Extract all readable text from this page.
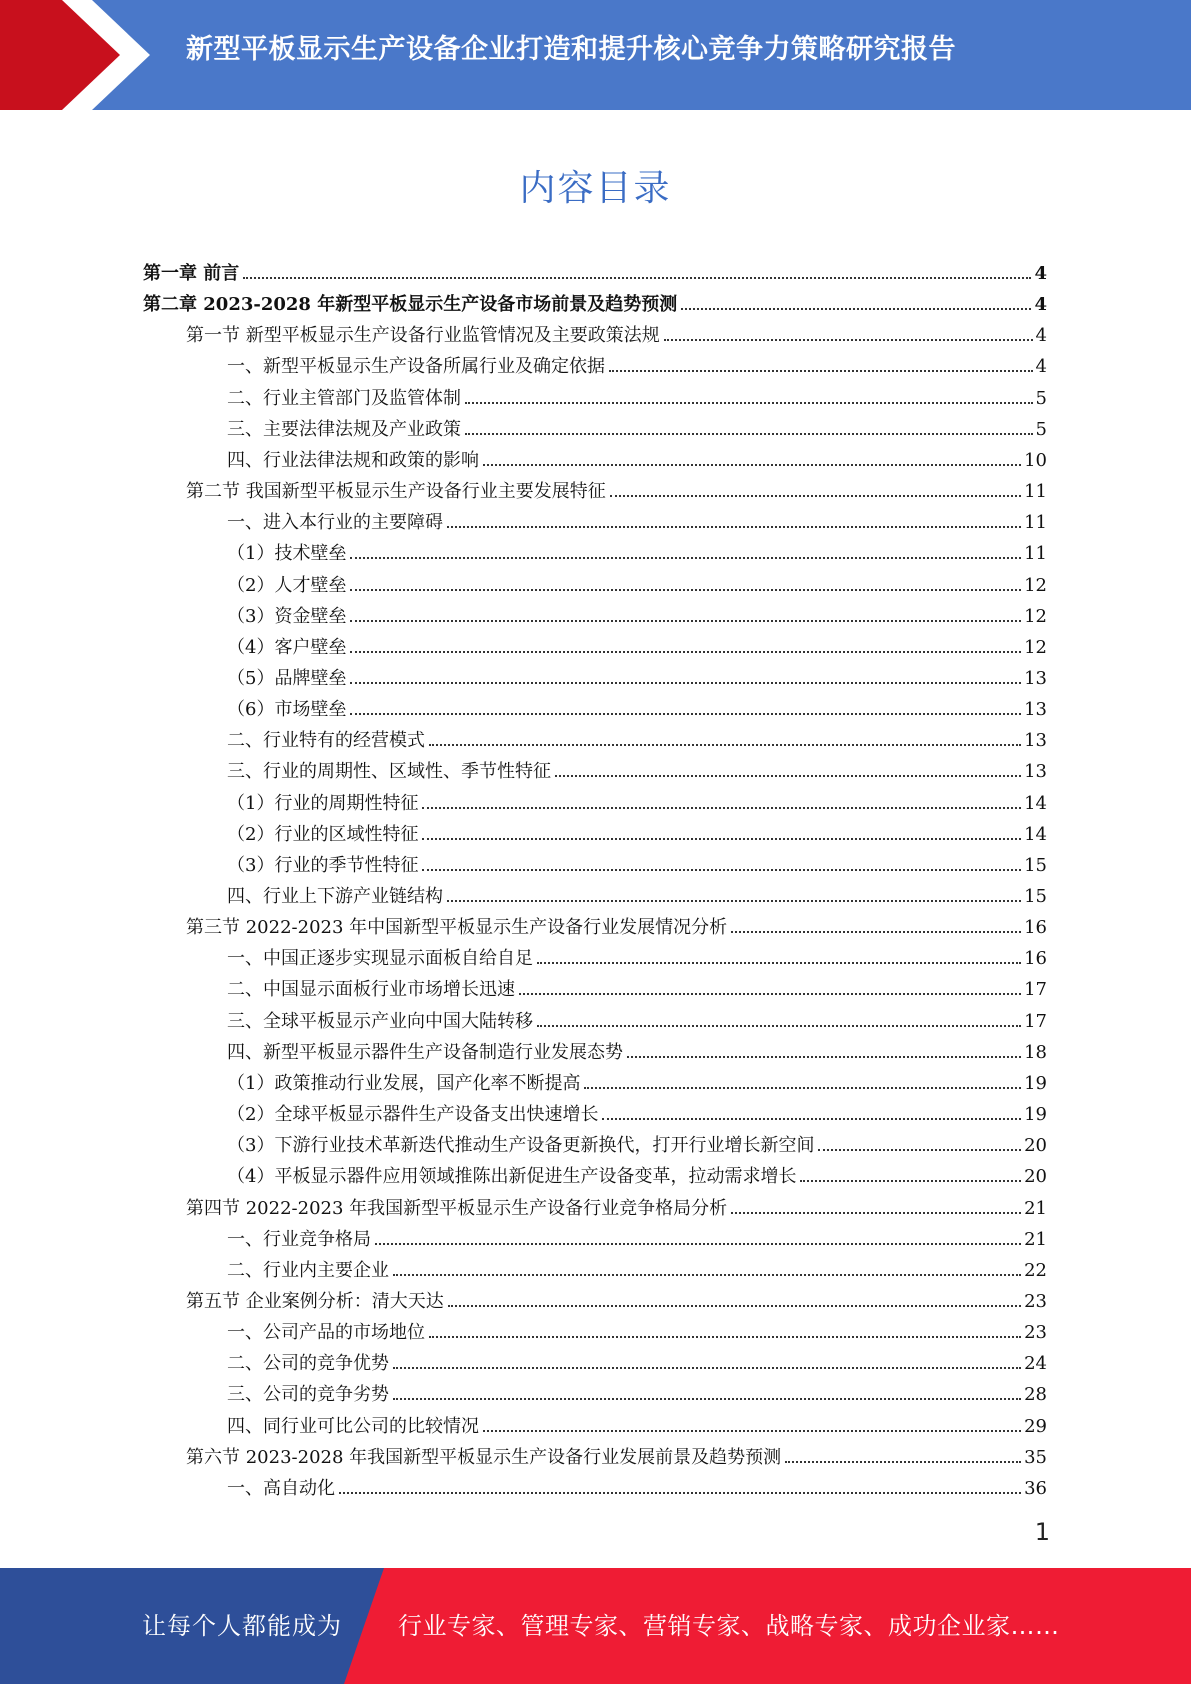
新型平板显示生产设备企业打造和提升核心竞争力策略研究报告
内容目录
第一章 前言	4
第二章 2023-2028 年新型平板显示生产设备市场前景及趋势预测	4
第一节 新型平板显示生产设备行业监管情况及主要政策法规	4
一、新型平板显示生产设备所属行业及确定依据	4
二、行业主管部门及监管体制	5
三、主要法律法规及产业政策	5
四、行业法律法规和政策的影响	10
第二节 我国新型平板显示生产设备行业主要发展特征	11
一、进入本行业的主要障碍	11
（1）技术壁垒	11
（2）人才壁垒	12
（3）资金壁垒	12
（4）客户壁垒	12
（5）品牌壁垒	13
（6）市场壁垒	13
二、行业特有的经营模式	13
三、行业的周期性、区域性、季节性特征	13
（1）行业的周期性特征	14
（2）行业的区域性特征	14
（3）行业的季节性特征	15
四、行业上下游产业链结构	15
第三节 2022-2023 年中国新型平板显示生产设备行业发展情况分析	16
一、中国正逐步实现显示面板自给自足	16
二、中国显示面板行业市场增长迅速	17
三、全球平板显示产业向中国大陆转移	17
四、新型平板显示器件生产设备制造行业发展态势	18
（1）政策推动行业发展，国产化率不断提高	19
（2）全球平板显示器件生产设备支出快速增长	19
（3）下游行业技术革新迭代推动生产设备更新换代，打开行业增长新空间	20
（4）平板显示器件应用领域推陈出新促进生产设备变革，拉动需求增长	20
第四节 2022-2023 年我国新型平板显示生产设备行业竞争格局分析	21
一、行业竞争格局	21
二、行业内主要企业	22
第五节 企业案例分析：清大天达	23
一、公司产品的市场地位	23
二、公司的竞争优势	24
三、公司的竞争劣势	28
四、同行业可比公司的比较情况	29
第六节 2023-2028 年我国新型平板显示生产设备行业发展前景及趋势预测	35
一、高自动化	36
1
让每个人都能成为 行业专家、管理专家、营销专家、战略专家、成功企业家……
